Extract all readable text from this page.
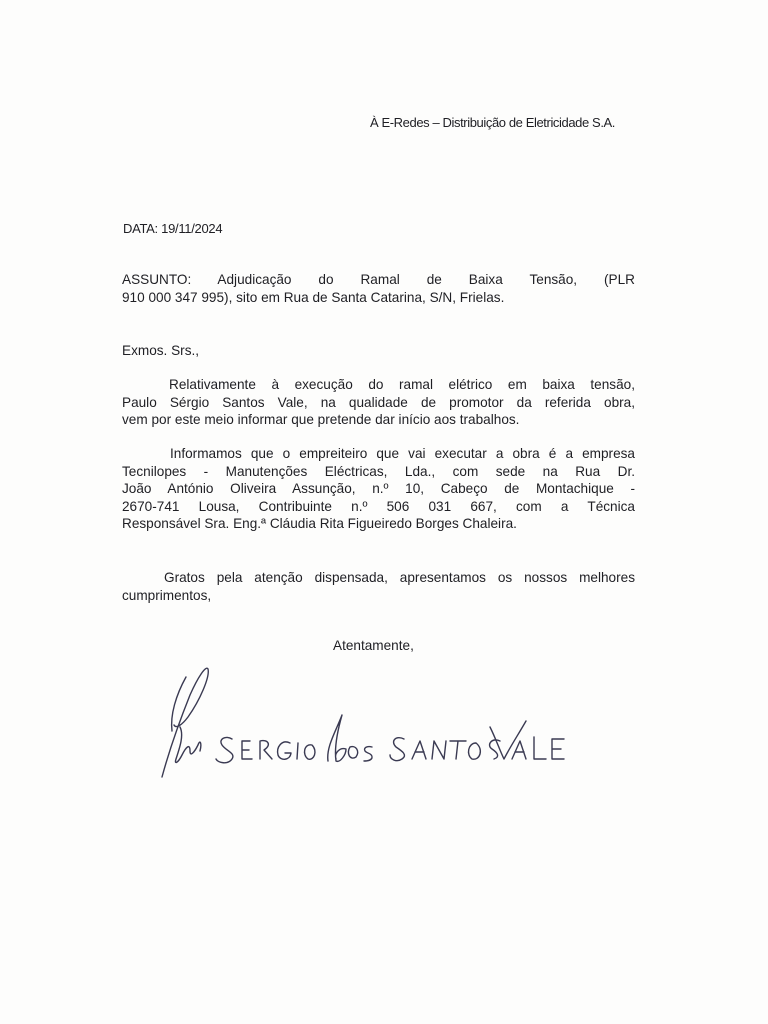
À E-Redes – Distribuição de Eletricidade S.A.
DATA: 19/11/2024
ASSUNTO: Adjudicação do Ramal de Baixa Tensão, (PLR
910 000 347 995), sito em Rua de Santa Catarina, S/N, Frielas.
Exmos. Srs.,
Relativamente à execução do ramal elétrico em baixa tensão,
Paulo Sérgio Santos Vale, na qualidade de promotor da referida obra,
vem por este meio informar que pretende dar início aos trabalhos.
Informamos que o empreiteiro que vai executar a obra é a empresa
Tecnilopes - Manutenções Eléctricas, Lda., com sede na Rua Dr.
João António Oliveira Assunção, n.º 10, Cabeço de Montachique -
2670-741 Lousa, Contribuinte n.º 506 031 667, com a Técnica
Responsável Sra. Eng.ª Cláudia Rita Figueiredo Borges Chaleira.
Gratos pela atenção dispensada, apresentamos os nossos melhores
cumprimentos,
Atentamente,
